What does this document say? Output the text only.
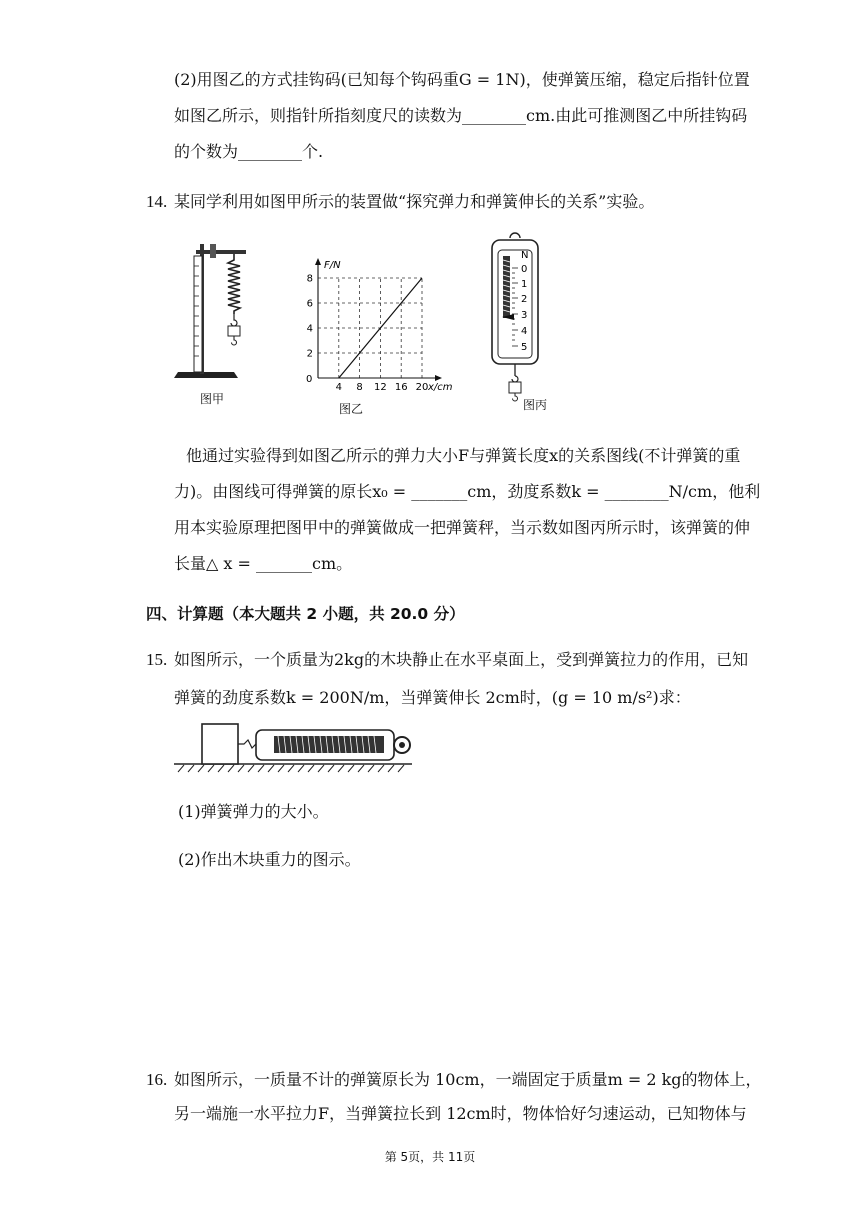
(2)用图乙的方式挂钩码(已知每个钩码重G = 1N)，使弹簧压缩，稳定后指针位置
如图乙所示，则指针所指刻度尺的读数为________cm.由此可推测图乙中所挂钩码
的个数为________个.
14. 某同学利用如图甲所示的装置做“探究弹力和弹簧伸长的关系”实验。
图甲
4 8 12 16 20
2
4
6
8
0
x/cm
F/N
图乙
N
0
1
2
3
4
5
图丙
他通过实验得到如图乙所示的弹力大小F与弹簧长度x的关系图线(不计弹簧的重
力)。由图线可得弹簧的原长x₀ = _______cm，劲度系数k = ________N/cm，他利
用本实验原理把图甲中的弹簧做成一把弹簧秤，当示数如图丙所示时，该弹簧的伸
长量△ x = _______cm。
四、计算题（本大题共 2 小题，共 20.0 分）
15. 如图所示，一个质量为2kg的木块静止在水平桌面上，受到弹簧拉力的作用，已知
弹簧的劲度系数k = 200N/m，当弹簧伸长 2cm时，(g = 10 m/s²)求：
(1)弹簧弹力的大小。
(2)作出木块重力的图示。
16. 如图所示，一质量不计的弹簧原长为 10cm，一端固定于质量m = 2 kg的物体上，
另一端施一水平拉力F，当弹簧拉长到 12cm时，物体恰好匀速运动，已知物体与
第 5页，共 11页
